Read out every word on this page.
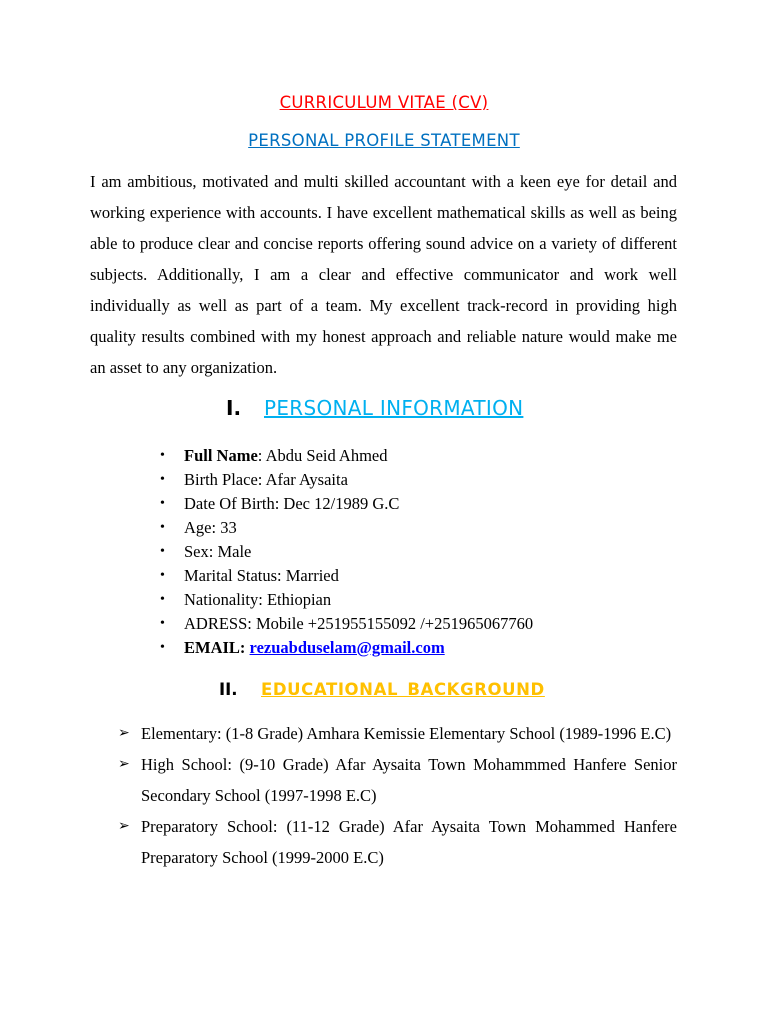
CURRICULUM VITAE (CV)
PERSONAL PROFILE STATEMENT

I am ambitious, motivated and multi skilled accountant with a keen eye for detail and working experience with accounts. I have excellent mathematical skills as well as being able to produce clear and concise reports offering sound advice on a variety of different subjects. Additionally, I am a clear and effective communicator and work well individually as well as part of a team. My excellent track-record in providing high quality results combined with my honest approach and reliable nature would make me an asset to any organization.

I. PERSONAL INFORMATION
• Full Name: Abdu Seid Ahmed
• Birth Place: Afar Aysaita
• Date Of Birth: Dec 12/1989 G.C
• Age: 33
• Sex: Male
• Marital Status: Married
• Nationality: Ethiopian
• ADRESS: Mobile +251955155092 /+251965067760
• EMAIL: rezuabduselam@gmail.com
II. EDUCATIONAL BACKGROUND
➢ Elementary: (1-8 Grade) Amhara Kemissie Elementary School (1989-1996 E.C)
➢ High School: (9-10 Grade) Afar Aysaita Town Mohammmed Hanfere Senior Secondary School (1997-1998 E.C)
➢ Preparatory School: (11-12 Grade) Afar Aysaita Town Mohammed Hanfere Preparatory School (1999-2000 E.C)
